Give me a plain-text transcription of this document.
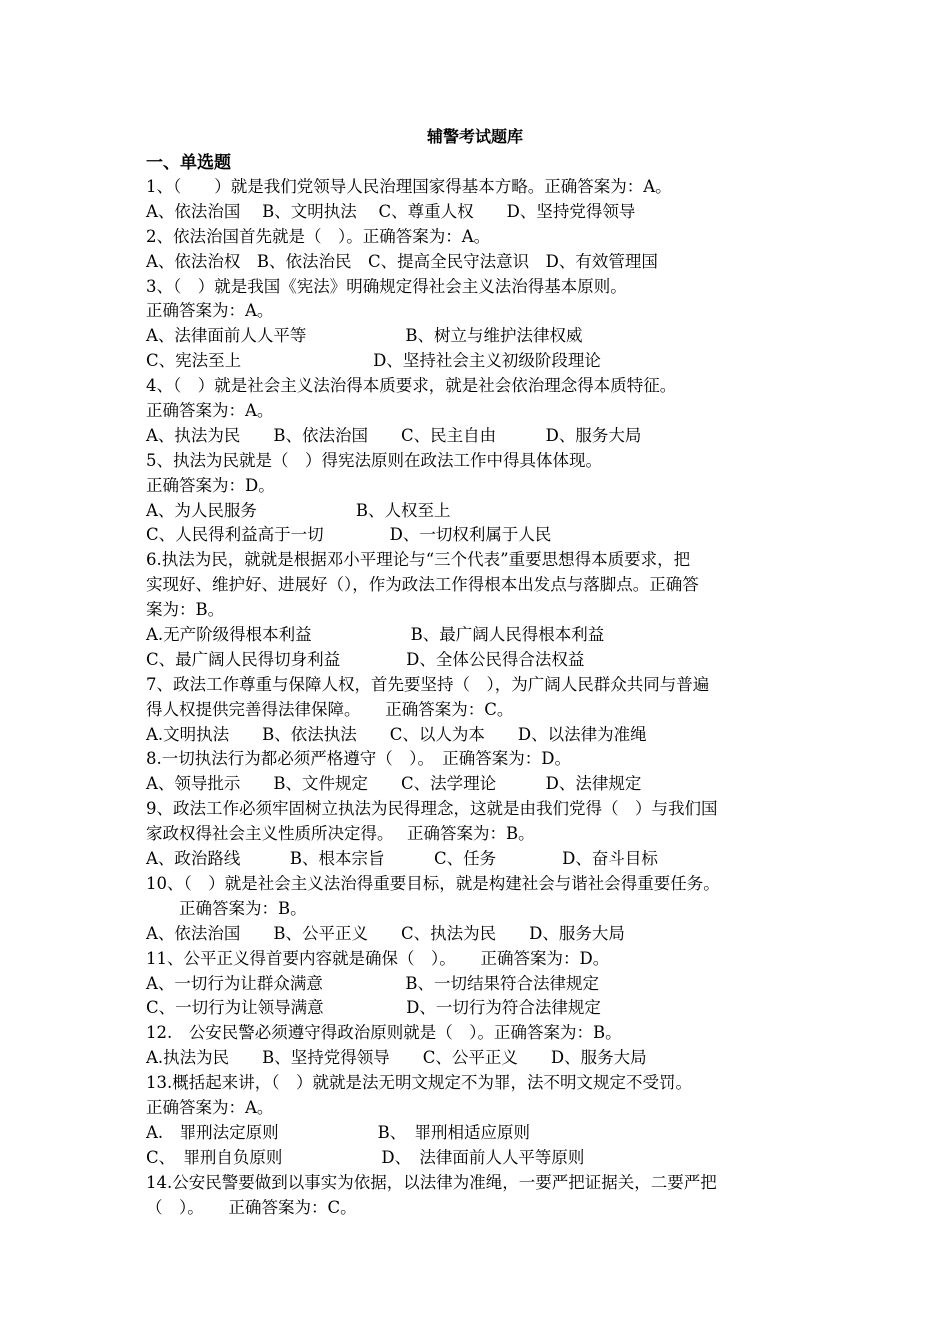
辅警考试题库
一、单选题
1、（　　）就是我们党领导人民治理国家得基本方略。正确答案为：A。
A、依法治国　 B、文明执法　 C、尊重人权　　D、坚持党得领导
2、依法治国首先就是（　）。正确答案为：A。
A、依法治权　B、依法治民　C、提高全民守法意识　D、有效管理国
3、（　）就是我国《宪法》明确规定得社会主义法治得基本原则。
正确答案为：A。
A、法律面前人人平等　　　　　　B、树立与维护法律权威
C、宪法至上　　　　　　　　D、坚持社会主义初级阶段理论
4、（　）就是社会主义法治得本质要求，就是社会依治理念得本质特征。
正确答案为：A。
A、执法为民　　B、依法治国　　C、民主自由　　　D、服务大局
5、执法为民就是（　）得宪法原则在政法工作中得具体体现。
正确答案为：D。
A、为人民服务　　　　　　B、人权至上
C、人民得利益高于一切　　　　D、一切权利属于人民
6.执法为民，就就是根据邓小平理论与“三个代表”重要思想得本质要求，把
实现好、维护好、进展好（），作为政法工作得根本出发点与落脚点。正确答
案为：B。
A.无产阶级得根本利益　　　　　　B、最广阔人民得根本利益
C、最广阔人民得切身利益　　　　D、全体公民得合法权益
7、政法工作尊重与保障人权，首先要坚持（　），为广阔人民群众共同与普遍
得人权提供完善得法律保障。　　正确答案为：C。
A.文明执法　　B、依法执法　　C、以人为本　　D、以法律为准绳
8.一切执法行为都必须严格遵守（　）。　正确答案为：D。
A、领导批示　　B、文件规定　　C、法学理论　　　D、法律规定
9、政法工作必须牢固树立执法为民得理念，这就是由我们党得（　）与我们国
家政权得社会主义性质所决定得。　 正确答案为：B。
A、政治路线　　　B、根本宗旨　　　C、任务　　　　D、奋斗目标
10、（　）就是社会主义法治得重要目标，就是构建社会与谐社会得重要任务。
　　正确答案为：B。
A、依法治国　　B、公平正义　　C、执法为民　　D、服务大局
11、公平正义得首要内容就是确保（　）。　　正确答案为：D。
A、一切行为让群众满意　　　　　B、一切结果符合法律规定
C、一切行为让领导满意　　　　　D、一切行为符合法律规定
12.　公安民警必须遵守得政治原则就是（　）。正确答案为：B。
A.执法为民　　B、坚持党得领导　　C、公平正义　　D、服务大局
13.概括起来讲，（　）就就是法无明文规定不为罪，法不明文规定不受罚。
正确答案为：A。
A.　罪刑法定原则　　　　　　B、　罪刑相适应原则
C、　罪刑自负原则　　　　　　D、　法律面前人人平等原则
14.公安民警要做到以事实为依据，以法律为准绳，一要严把证据关，二要严把
（　）。　　正确答案为：C。
